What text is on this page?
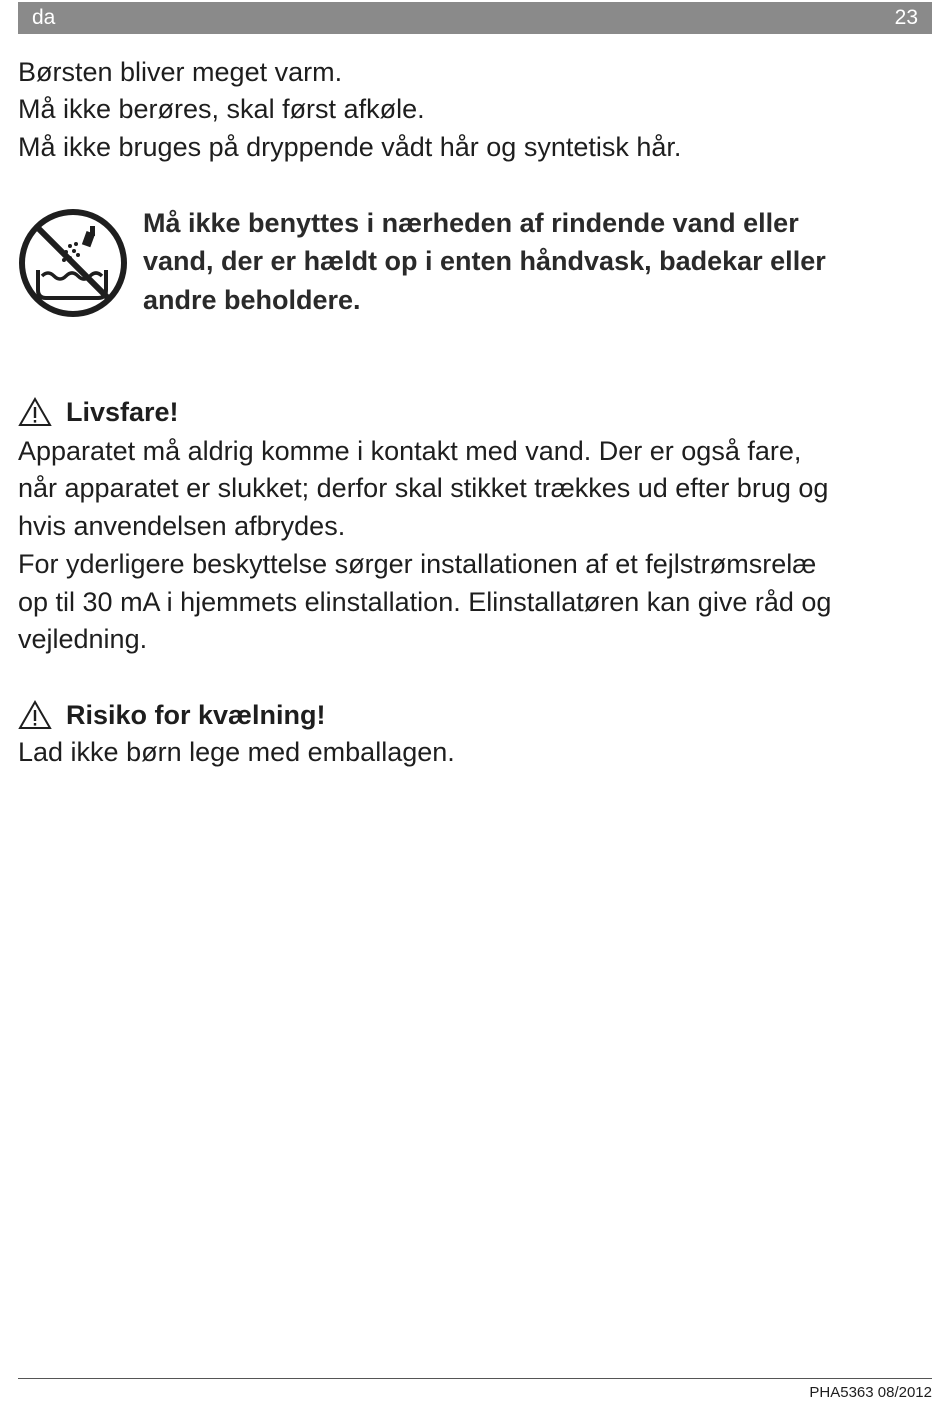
da	23
Børsten bliver meget varm.
Må ikke berøres, skal først afkøle.
Må ikke bruges på dryppende vådt hår og syntetisk hår.
Må ikke benyttes i nærheden af rindende vand eller
vand, der er hældt op i enten håndvask, badekar eller
andre beholdere.
Livsfare!
Apparatet må aldrig komme i kontakt med vand. Der er også fare,
når apparatet er slukket; derfor skal stikket trækkes ud efter brug og
hvis anvendelsen afbrydes.
For yderligere beskyttelse sørger installationen af et fejlstrømsrelæ
op til 30 mA i hjemmets elinstallation. Elinstallatøren kan give råd og
vejledning.
Risiko for kvælning!
Lad ikke børn lege med emballagen.
PHA5363 08/2012
